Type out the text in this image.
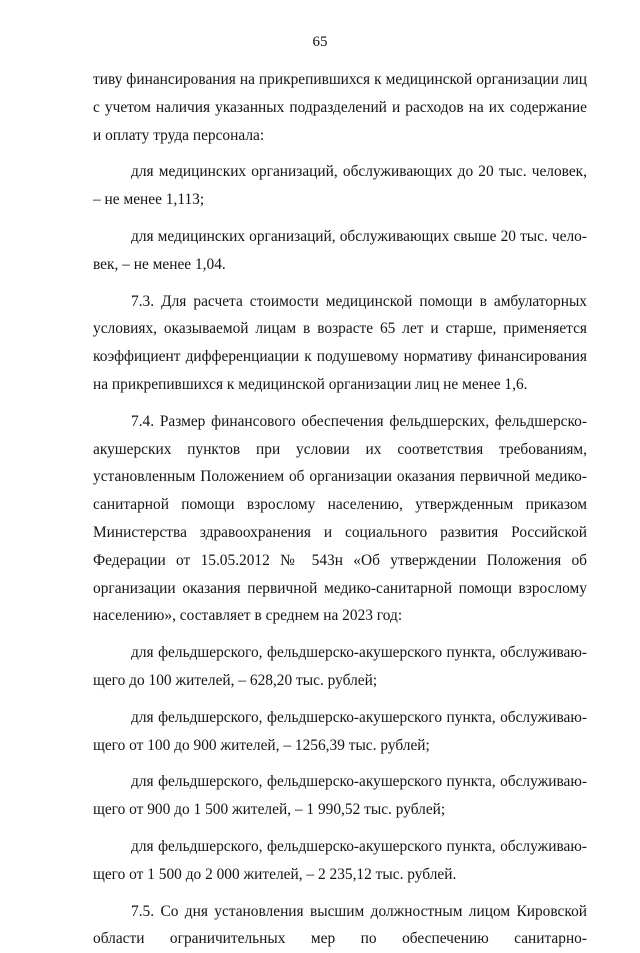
65

тиву финансирования на прикрепившихся к медицинской организации лиц с учетом наличия указанных подразделений и расходов на их содержание и оплату труда персонала:

для медицинских организаций, обслуживающих до 20 тыс. человек, – не менее 1,113;

для медицинских организаций, обслуживающих свыше 20 тыс. человек, – не менее 1,04.

7.3. Для расчета стоимости медицинской помощи в амбулаторных условиях, оказываемой лицам в возрасте 65 лет и старше, применяется коэффициент дифференциации к подушевому нормативу финансирования на прикрепившихся к медицинской организации лиц не менее 1,6.

7.4. Размер финансового обеспечения фельдшерских, фельдшерско-акушерских пунктов при условии их соответствия требованиям, установленным Положением об организации оказания первичной медико-санитарной помощи взрослому населению, утвержденным приказом Министерства здравоохранения и социального развития Российской Федерации от 15.05.2012 № 543н «Об утверждении Положения об организации оказания первичной медико-санитарной помощи взрослому населению», составляет в среднем на 2023 год:

для фельдшерского, фельдшерско-акушерского пункта, обслуживающего до 100 жителей, – 628,20 тыс. рублей;

для фельдшерского, фельдшерско-акушерского пункта, обслуживающего от 100 до 900 жителей, – 1256,39 тыс. рублей;

для фельдшерского, фельдшерско-акушерского пункта, обслуживающего от 900 до 1 500 жителей, – 1 990,52 тыс. рублей;

для фельдшерского, фельдшерско-акушерского пункта, обслуживающего от 1 500 до 2 000 жителей, – 2 235,12 тыс. рублей.

7.5. Со дня установления высшим должностным лицом Кировской области ограничительных мер по обеспечению санитарно-
